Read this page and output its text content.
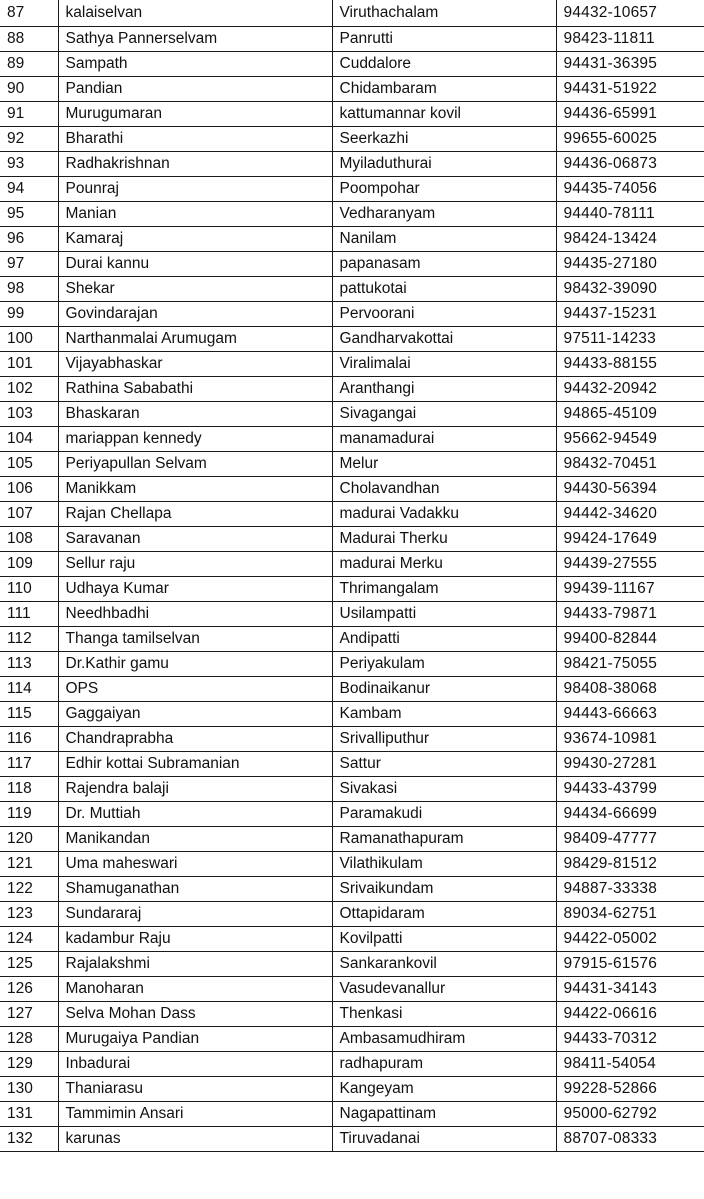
87	kalaiselvan	Viruthachalam	94432-10657
88	Sathya Pannerselvam	Panrutti	98423-11811
89	Sampath	Cuddalore	94431-36395
90	Pandian	Chidambaram	94431-51922
91	Murugumaran	kattumannar kovil	94436-65991
92	Bharathi	Seerkazhi	99655-60025
93	Radhakrishnan	Myiladuthurai	94436-06873
94	Pounraj	Poompohar	94435-74056
95	Manian	Vedharanyam	94440-78111
96	Kamaraj	Nanilam	98424-13424
97	Durai kannu	papanasam	94435-27180
98	Shekar	pattukotai	98432-39090
99	Govindarajan	Pervoorani	94437-15231
100	Narthanmalai Arumugam	Gandharvakottai	97511-14233
101	Vijayabhaskar	Viralimalai	94433-88155
102	Rathina Sababathi	Aranthangi	94432-20942
103	Bhaskaran	Sivagangai	94865-45109
104	mariappan kennedy	manamadurai	95662-94549
105	Periyapullan Selvam	Melur	98432-70451
106	Manikkam	Cholavandhan	94430-56394
107	Rajan Chellapa	madurai Vadakku	94442-34620
108	Saravanan	Madurai Therku	99424-17649
109	Sellur raju	madurai Merku	94439-27555
110	Udhaya Kumar	Thrimangalam	99439-11167
111	Needhbadhi	Usilampatti	94433-79871
112	Thanga tamilselvan	Andipatti	99400-82844
113	Dr.Kathir gamu	Periyakulam	98421-75055
114	OPS	Bodinaikanur	98408-38068
115	Gaggaiyan	Kambam	94443-66663
116	Chandraprabha	Srivalliputhur	93674-10981
117	Edhir kottai Subramanian	Sattur	99430-27281
118	Rajendra balaji	Sivakasi	94433-43799
119	Dr. Muttiah	Paramakudi	94434-66699
120	Manikandan	Ramanathapuram	98409-47777
121	Uma maheswari	Vilathikulam	98429-81512
122	Shamuganathan	Srivaikundam	94887-33338
123	Sundararaj	Ottapidaram	89034-62751
124	kadambur Raju	Kovilpatti	94422-05002
125	Rajalakshmi	Sankarankovil	97915-61576
126	Manoharan	Vasudevanallur	94431-34143
127	Selva Mohan Dass	Thenkasi	94422-06616
128	Murugaiya Pandian	Ambasamudhiram	94433-70312
129	Inbadurai	radhapuram	98411-54054
130	Thaniarasu	Kangeyam	99228-52866
131	Tammimin Ansari	Nagapattinam	95000-62792
132	karunas	Tiruvadanai	88707-08333
